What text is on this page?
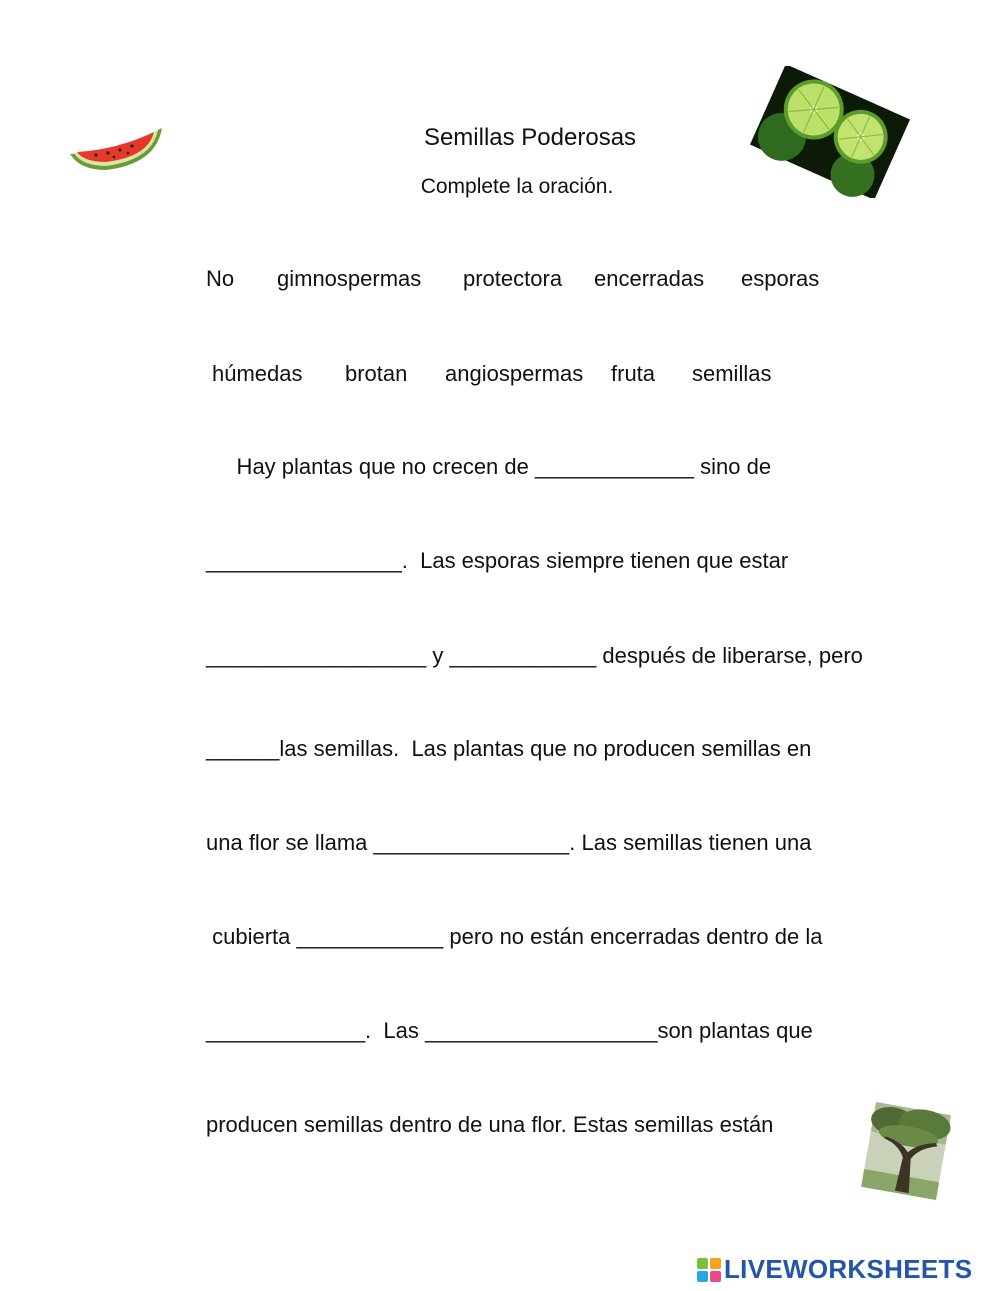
Semillas Poderosas
Complete la oración.
No gimnospermas protectora encerradas esporas
húmedas brotan angiospermas fruta semillas
Hay plantas que no crecen de _____________ sino de
________________.  Las esporas siempre tienen que estar
__________________ y ____________ después de liberarse, pero
______las semillas.  Las plantas que no producen semillas en
una flor se llama ________________. Las semillas tienen una
cubierta ____________ pero no están encerradas dentro de la
_____________.  Las ___________________son plantas que
producen semillas dentro de una flor. Estas semillas están
LIVEWORKSHEETS
